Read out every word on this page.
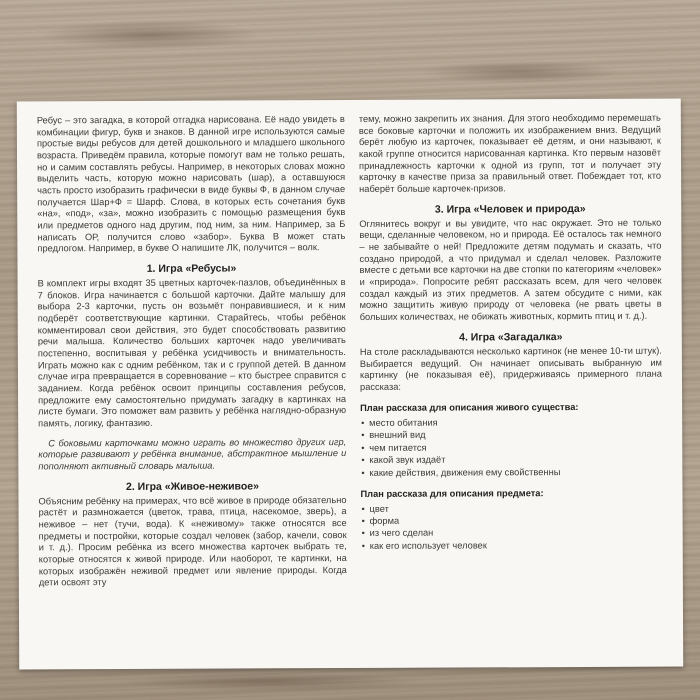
Ребус – это загадка, в которой отгадка нарисована. Её надо увидеть в комбинации фигур, букв и знаков. В данной игре используются самые простые виды ребусов для детей дошкольного и младшего школьного возраста. Приведём правила, которые помогут вам не только решать, но и самим составлять ребусы. Например, в некоторых словах можно выделить часть, которую можно нарисовать (шар), а оставшуюся часть просто изобразить графически в виде буквы Ф, в данном случае получается Шар+Ф = Шарф. Слова, в которых есть сочетания букв «на», «под», «за», можно изобразить с помощью размещения букв или предметов одного над другим, под ним, за ним. Например, за Б написать ОР, получится слово «забор». Буква В может стать предлогом. Например, в букве О напишите ЛК, получится – волк.

1. Игра «Ребусы»

В комплект игры входят 35 цветных карточек-пазлов, объединённых в 7 блоков. Игра начинается с большой карточки. Дайте малышу для выбора 2-3 карточки, пусть он возьмёт понравившиеся, и к ним подберёт соответствующие картинки. Старайтесь, чтобы ребёнок комментировал свои действия, это будет способствовать развитию речи малыша. Количество больших карточек надо увеличивать постепенно, воспитывая у ребёнка усидчивость и внимательность. Играть можно как с одним ребёнком, так и с группой детей. В данном случае игра превращается в соревнование – кто быстрее справится с заданием. Когда ребёнок освоит принципы составления ребусов, предложите ему самостоятельно придумать загадку в картинках на листе бумаги. Это поможет вам развить у ребёнка наглядно-образную память, логику, фантазию.

С боковыми карточками можно играть во множество других игр, которые развивают у ребёнка внимание, абстрактное мышление и пополняют активный словарь малыша.

2. Игра «Живое-неживое»

Объясним ребёнку на примерах, что всё живое в природе обязательно растёт и размножается (цветок, трава, птица, насекомое, зверь), а неживое – нет (тучи, вода). К «неживому» также относятся все предметы и постройки, которые создал человек (забор, качели, совок и т. д.). Просим ребёнка из всего множества карточек выбрать те, которые относятся к живой природе. Или наоборот, те картинки, на которых изображён неживой предмет или явление природы. Когда дети освоят эту

тему, можно закрепить их знания. Для этого необходимо перемешать все боковые карточки и положить их изображением вниз. Ведущий берёт любую из карточек, показывает её детям, и они называют, к какой группе относится нарисованная картинка. Кто первым назовёт принадлежность карточки к одной из групп, тот и получает эту карточку в качестве приза за правильный ответ. Побеждает тот, кто наберёт больше карточек-призов.

3. Игра «Человек и природа»

Оглянитесь вокруг и вы увидите, что нас окружает. Это не только вещи, сделанные человеком, но и природа. Её осталось так немного – не забывайте о ней! Предложите детям подумать и сказать, что создано природой, а что придумал и сделал человек. Разложите вместе с детьми все карточки на две стопки по категориям «человек» и «природа». Попросите ребят рассказать всем, для чего человек создал каждый из этих предметов. А затем обсудите с ними, как можно защитить живую природу от человека (не рвать цветы в больших количествах, не обижать животных, кормить птиц и т. д.).

4. Игра «Загадалка»

На столе раскладываются несколько картинок (не менее 10-ти штук). Выбирается ведущий. Он начинает описывать выбранную им картинку (не показывая её), придерживаясь примерного плана рассказа:

План рассказа для описания живого существа:
• место обитания
• внешний вид
• чем питается
• какой звук издаёт
• какие действия, движения ему свойственны
План рассказа для описания предмета:
• цвет
• форма
• из чего сделан
• как его использует человек
